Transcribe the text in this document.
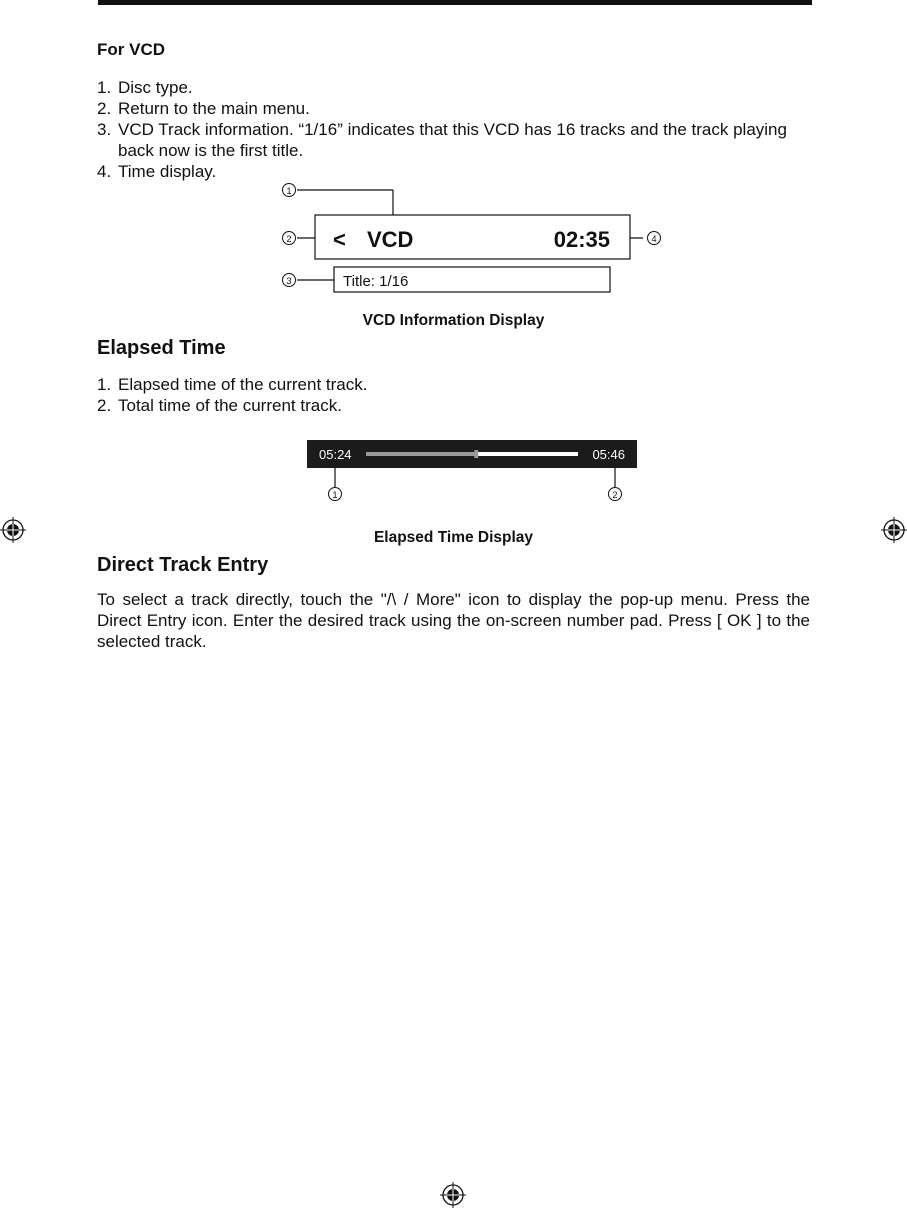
For VCD
1. Disc type.
2. Return to the main menu.
3. VCD Track information. “1/16” indicates that this VCD has 16 tracks and the track playing back now is the first title.
4. Time display.
1
2
3
4
< VCD	02:35
Title: 1/16

VCD Information Display

Elapsed Time
1. Elapsed time of the current track.
2. Total time of the current track.
05:24	05:46
1	2

Elapsed Time Display

Direct Track Entry

To select a track directly, touch the "/\ / More" icon to display the pop-up menu. Press the Direct Entry icon. Enter the desired track using the on-screen number pad. Press [ OK ] to the selected track.
